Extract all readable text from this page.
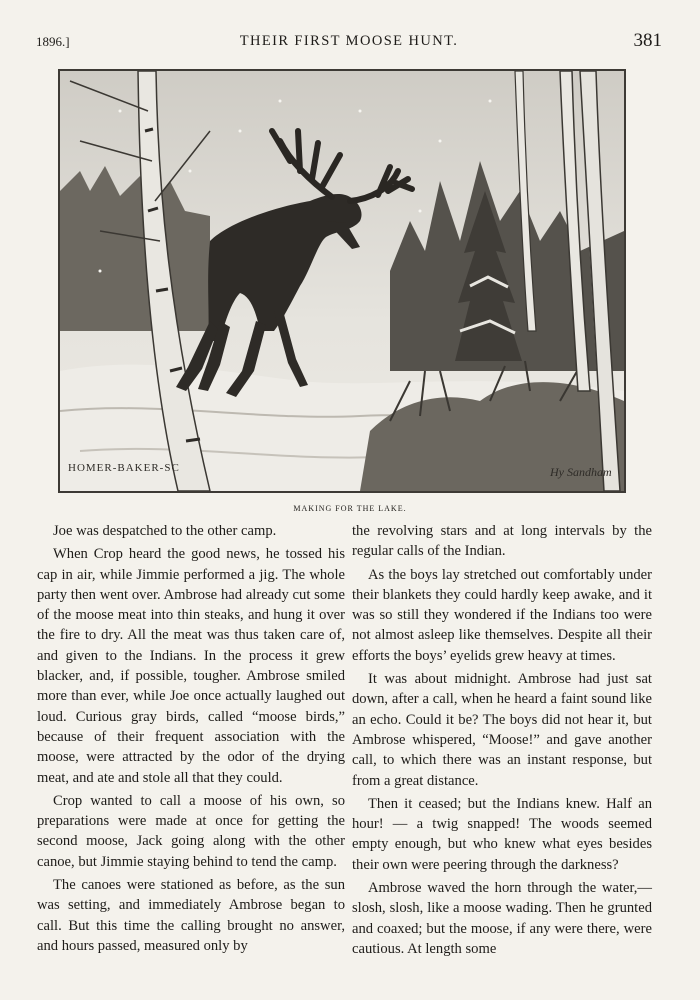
1896.]	THEIR FIRST MOOSE HUNT.	381
HOMER-BAKER-SC	Hy Sandham
MAKING FOR THE LAKE.

Joe was despatched to the other camp.

When Crop heard the good news, he tossed his cap in air, while Jimmie performed a jig. The whole party then went over. Ambrose had already cut some of the moose meat into thin steaks, and hung it over the fire to dry. All the meat was thus taken care of, and given to the Indians. In the process it grew blacker, and, if possible, tougher. Ambrose smiled more than ever, while Joe once actually laughed out loud. Curious gray birds, called “moose birds,” because of their frequent association with the moose, were attracted by the odor of the drying meat, and ate and stole all that they could.

Crop wanted to call a moose of his own, so preparations were made at once for getting the second moose, Jack going along with the other canoe, but Jimmie staying behind to tend the camp.

The canoes were stationed as before, as the sun was setting, and immediately Ambrose began to call. But this time the calling brought no answer, and hours passed, measured only by

the revolving stars and at long intervals by the regular calls of the Indian.

As the boys lay stretched out comfortably under their blankets they could hardly keep awake, and it was so still they wondered if the Indians too were not almost asleep like themselves. Despite all their efforts the boys’ eyelids grew heavy at times.

It was about midnight. Ambrose had just sat down, after a call, when he heard a faint sound like an echo. Could it be? The boys did not hear it, but Ambrose whispered, “Moose!” and gave another call, to which there was an instant response, but from a great distance.

Then it ceased; but the Indians knew. Half an hour! — a twig snapped! The woods seemed empty enough, but who knew what eyes besides their own were peering through the darkness?

Ambrose waved the horn through the water,— slosh, slosh, like a moose wading. Then he grunted and coaxed; but the moose, if any were there, were cautious. At length some
